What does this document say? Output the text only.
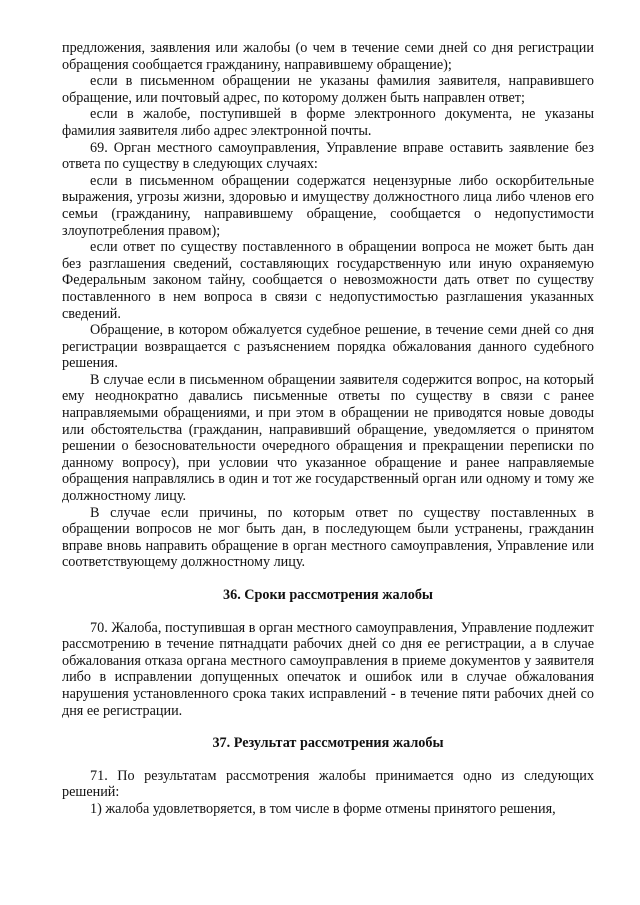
предложения, заявления или жалобы (о чем в течение семи дней со дня регистрации обращения сообщается гражданину, направившему обращение);

если в письменном обращении не указаны фамилия заявителя, направившего обращение, или почтовый адрес, по которому должен быть направлен ответ;

если в жалобе, поступившей в форме электронного документа, не указаны фамилия заявителя либо адрес электронной почты.

69. Орган местного самоуправления, Управление вправе оставить заявление без ответа по существу в следующих случаях:

если в письменном обращении содержатся нецензурные либо оскорбительные выражения, угрозы жизни, здоровью и имуществу должностного лица либо членов его семьи (гражданину, направившему обращение, сообщается о недопустимости злоупотребления правом);

если ответ по существу поставленного в обращении вопроса не может быть дан без разглашения сведений, составляющих государственную или иную охраняемую Федеральным законом тайну, сообщается о невозможности дать ответ по существу поставленного в нем вопроса в связи с недопустимостью разглашения указанных сведений.

Обращение, в котором обжалуется судебное решение, в течение семи дней со дня регистрации возвращается с разъяснением порядка обжалования данного судебного решения.

В случае если в письменном обращении заявителя содержится вопрос, на который ему неоднократно давались письменные ответы по существу в связи с ранее направляемыми обращениями, и при этом в обращении не приводятся новые доводы или обстоятельства (гражданин, направивший обращение, уведомляется о принятом решении о безосновательности очередного обращения и прекращении переписки по данному вопросу), при условии что указанное обращение и ранее направляемые обращения направлялись в один и тот же государственный орган или одному и тому же должностному лицу.

В случае если причины, по которым ответ по существу поставленных в обращении вопросов не мог быть дан, в последующем были устранены, гражданин вправе вновь направить обращение в орган местного самоуправления, Управление или соответствующему должностному лицу.

36. Сроки рассмотрения жалобы

70. Жалоба, поступившая в орган местного самоуправления, Управление подлежит рассмотрению в течение пятнадцати рабочих дней со дня ее регистрации, а в случае обжалования отказа органа местного самоуправления в приеме документов у заявителя либо в исправлении допущенных опечаток и ошибок или в случае обжалования нарушения установленного срока таких исправлений - в течение пяти рабочих дней со дня ее регистрации.

37. Результат рассмотрения жалобы

71. По результатам рассмотрения жалобы принимается одно из следующих решений:

1) жалоба удовлетворяется, в том числе в форме отмены принятого решения,
